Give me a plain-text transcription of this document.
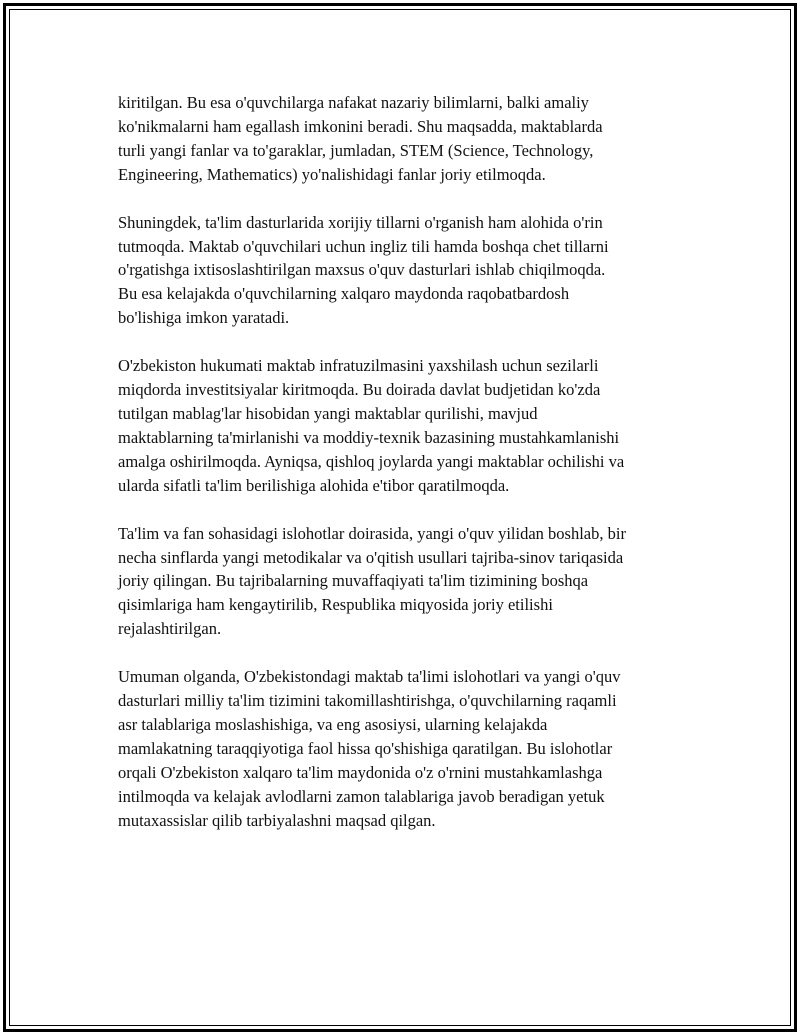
kiritilgan. Bu esa o'quvchilarga nafakat nazariy bilimlarni, balki amaliy
ko'nikmalarni ham egallash imkonini beradi. Shu maqsadda, maktablarda
turli yangi fanlar va to'garaklar, jumladan, STEM (Science, Technology,
Engineering, Mathematics) yo'nalishidagi fanlar joriy etilmoqda.

Shuningdek, ta'lim dasturlarida xorijiy tillarni o'rganish ham alohida o'rin
tutmoqda. Maktab o'quvchilari uchun ingliz tili hamda boshqa chet tillarni
o'rgatishga ixtisoslashtirilgan maxsus o'quv dasturlari ishlab chiqilmoqda.
Bu esa kelajakda o'quvchilarning xalqaro maydonda raqobatbardosh
bo'lishiga imkon yaratadi.

O'zbekiston hukumati maktab infratuzilmasini yaxshilash uchun sezilarli
miqdorda investitsiyalar kiritmoqda. Bu doirada davlat budjetidan ko'zda
tutilgan mablag'lar hisobidan yangi maktablar qurilishi, mavjud
maktablarning ta'mirlanishi va moddiy-texnik bazasining mustahkamlanishi
amalga oshirilmoqda. Ayniqsa, qishloq joylarda yangi maktablar ochilishi va
ularda sifatli ta'lim berilishiga alohida e'tibor qaratilmoqda.

Ta'lim va fan sohasidagi islohotlar doirasida, yangi o'quv yilidan boshlab, bir
necha sinflarda yangi metodikalar va o'qitish usullari tajriba-sinov tariqasida
joriy qilingan. Bu tajribalarning muvaffaqiyati ta'lim tizimining boshqa
qisimlariga ham kengaytirilib, Respublika miqyosida joriy etilishi
rejalashtirilgan.

Umuman olganda, O'zbekistondagi maktab ta'limi islohotlari va yangi o'quv
dasturlari milliy ta'lim tizimini takomillashtirishga, o'quvchilarning raqamli
asr talablariga moslashishiga, va eng asosiysi, ularning kelajakda
mamlakatning taraqqiyotiga faol hissa qo'shishiga qaratilgan. Bu islohotlar
orqali O'zbekiston xalqaro ta'lim maydonida o'z o'rnini mustahkamlashga
intilmoqda va kelajak avlodlarni zamon talablariga javob beradigan yetuk
mutaxassislar qilib tarbiyalashni maqsad qilgan.
